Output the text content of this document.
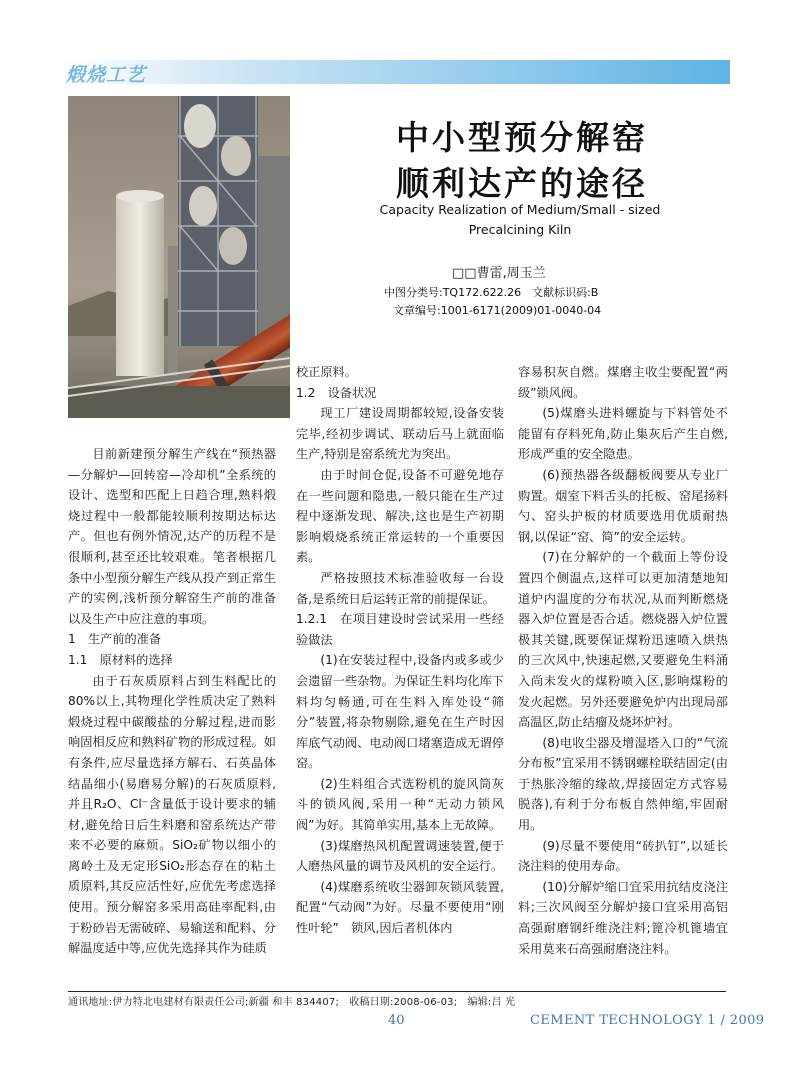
煅烧工艺
中小型预分解窑
顺利达产的途径
Capacity Realization of Medium/Small - sized
Precalcining Kiln
□□曹雷,周玉兰
中图分类号:TQ172.622.26　文献标识码:B
文章编号:1001-6171(2009)01-0040-04

目前新建预分解生产线在“预热器—分解炉—回转窑—冷却机”全系统的设计、选型和匹配上日趋合理,熟料煅烧过程中一般都能较顺利按期达标达产。但也有例外情况,达产的历程不是很顺利,甚至还比较艰难。笔者根据几条中小型预分解生产线从投产到正常生产的实例,浅析预分解窑生产前的准备以及生产中应注意的事项。

1　生产前的准备

1.1　原材料的选择

由于石灰质原料占到生料配比的80%以上,其物理化学性质决定了熟料煅烧过程中碳酸盐的分解过程,进而影响固相反应和熟料矿物的形成过程。如有条件,应尽量选择方解石、石英晶体结晶细小(易磨易分解)的石灰质原料,并且R₂O、Cl⁻含量低于设计要求的辅材,避免给日后生料磨和窑系统达产带来不必要的麻烦。SiO₂矿物以细小的离岭土及无定形SiO₂形态存在的粘土质原料,其反应活性好,应优先考虑选择使用。预分解窑多采用高硅率配料,由于粉砂岩无需破碎、易输送和配料、分解温度适中等,应优先选择其作为硅质

校正原料。

1.2　设备状况

现工厂建设周期都较短,设备安装完毕,经初步调试、联动后马上就面临生产,特别是窑系统尤为突出。

由于时间仓促,设备不可避免地存在一些问题和隐患,一般只能在生产过程中逐渐发现、解决,这也是生产初期影响煅烧系统正常运转的一个重要因素。

严格按照技术标准验收每一台设备,是系统日后运转正常的前提保证。

1.2.1　在项目建设时尝试采用一些经验做法

(1)在安装过程中,设备内或多或少会遗留一些杂物。为保证生料均化库下料均匀畅通,可在生料入库处设“筛分”装置,将杂物剔除,避免在生产时因库底气动阀、电动阀口堵塞造成无谓停窑。

(2)生料组合式选粉机的旋风筒灰斗的锁风阀,采用一种“无动力锁风阀”为好。其简单实用,基本上无故障。

(3)煤磨热风机配置调速装置,便于人磨热风量的调节及风机的安全运行。

(4)煤磨系统收尘器卸灰锁风装置,配置“气动阀”为好。尽量不要使用“刚性叶轮”　锁风,因后者机体内

容易积灰自燃。煤磨主收尘要配置“两级”锁风阀。

(5)煤磨头进料螺旋与下料管处不能留有存料死角,防止集灰后产生自燃,形成严重的安全隐患。

(6)预热器各级翻板阀要从专业厂购置。烟室下料舌头的托板、窑尾扬料勺、窑头护板的材质要选用优质耐热钢,以保证“窑、简”的安全运转。

(7)在分解炉的一个截面上等份设置四个侧温点,这样可以更加清楚地知道炉内温度的分布状况,从而判断燃烧器入炉位置是否合适。燃烧器入炉位置极其关键,既要保证煤粉迅速喷入烘热的三次风中,快速起燃,又要避免生料涌入尚未发火的煤粉喷入区,影响煤粉的发火起燃。另外还要避免炉内出现局部高温区,防止结瘤及烧坏炉衬。

(8)电收尘器及增湿塔入口的“气流分布板”宜采用不锈钢螺栓联结固定(由于热胀冷缩的缘故,焊接固定方式容易脱落),有利于分布板自然伸缩,牢固耐用。

(9)尽量不要使用“砖扒钉”,以延长浇注料的使用寿命。

(10)分解炉缩口宜采用抗结皮浇注料;三次风阀至分解炉接口宜采用高铝高强耐磨钢纤维浇注料;篦冷机篦墙宜采用莫来石高强耐磨浇注料。

通讯地址:伊力特北电建材有限责任公司;新疆 和丰 834407;　收稿日期:2008-06-03;　编辑:吕 光
40	CEMENT TECHNOLOGY 1 / 2009
